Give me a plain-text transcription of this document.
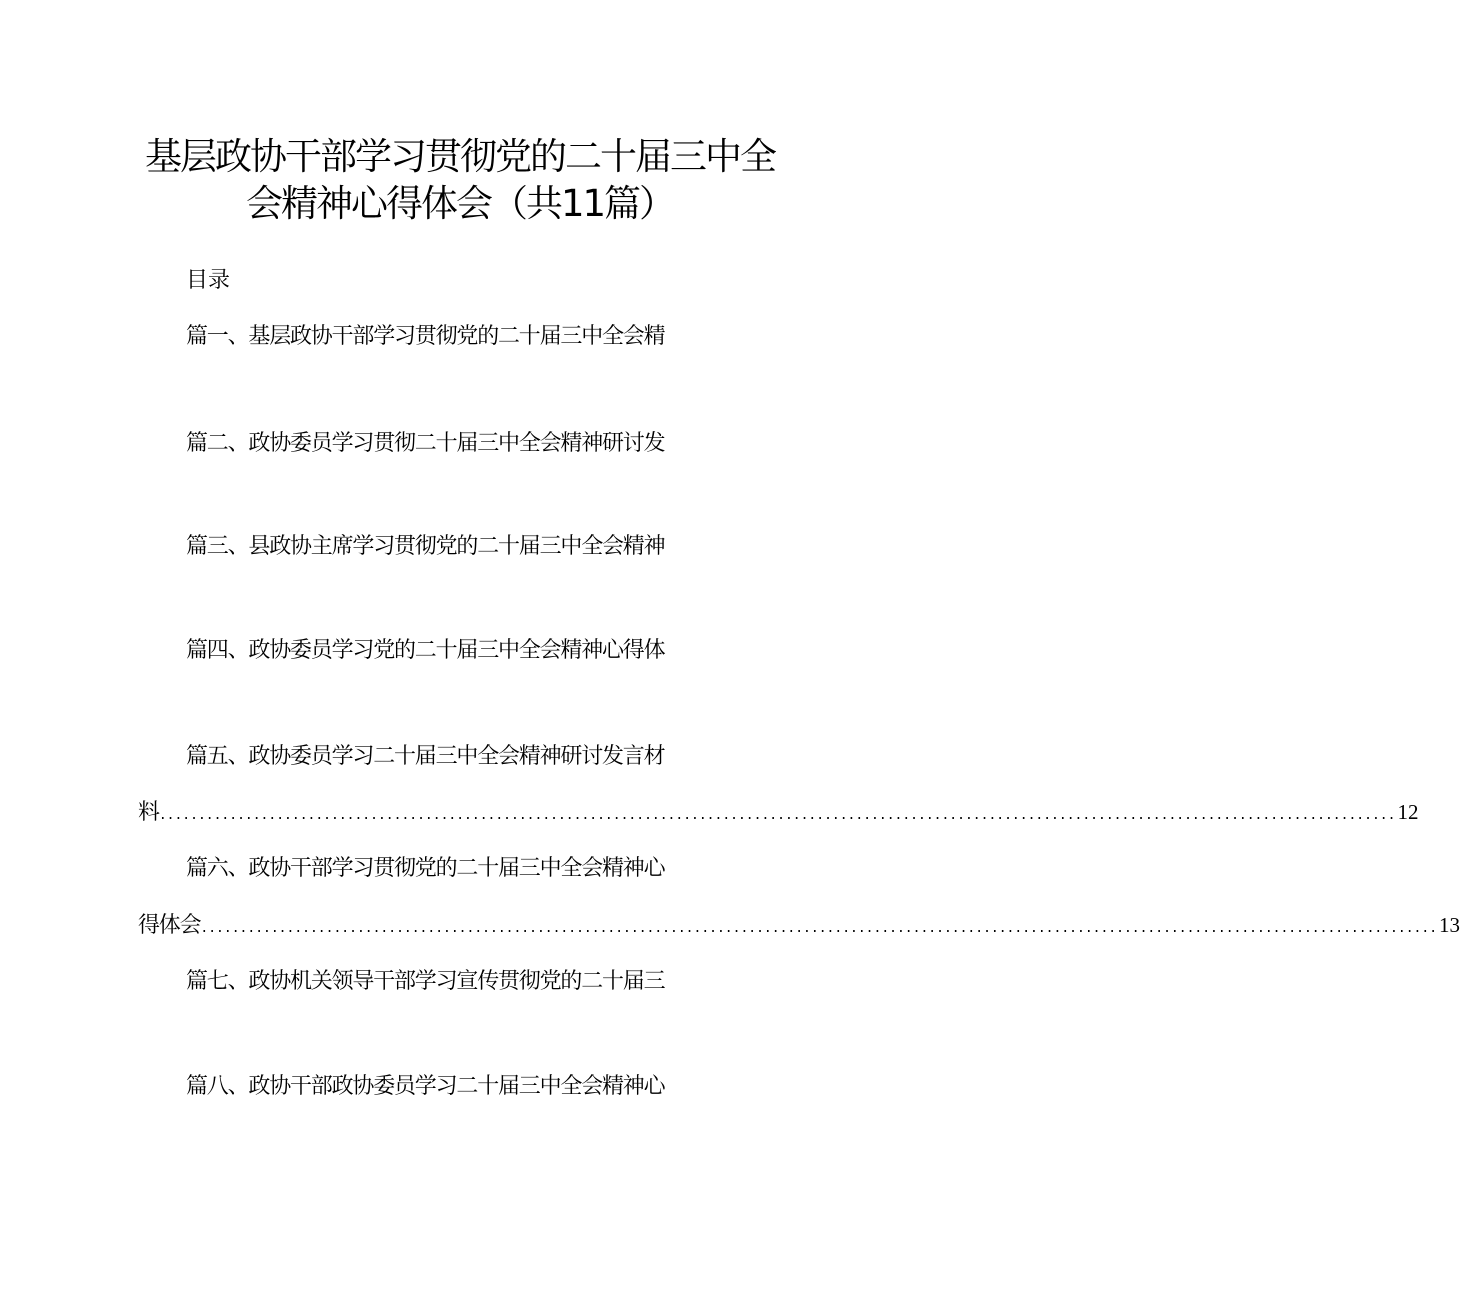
基层政协干部学习贯彻党的二十届三中全
会精神心得体会（共11篇）
目录
篇一、基层政协干部学习贯彻党的二十届三中全会精
篇二、政协委员学习贯彻二十届三中全会精神研讨发
篇三、县政协主席学习贯彻党的二十届三中全会精神
篇四、政协委员学习党的二十届三中全会精神心得体
篇五、政协委员学习二十届三中全会精神研讨发言材
料 .............................................................................................................................................................. 12
篇六、政协干部学习贯彻党的二十届三中全会精神心
得体会 .............................................................................................................................................................. 13
篇七、政协机关领导干部学习宣传贯彻党的二十届三
篇八、政协干部政协委员学习二十届三中全会精神心
